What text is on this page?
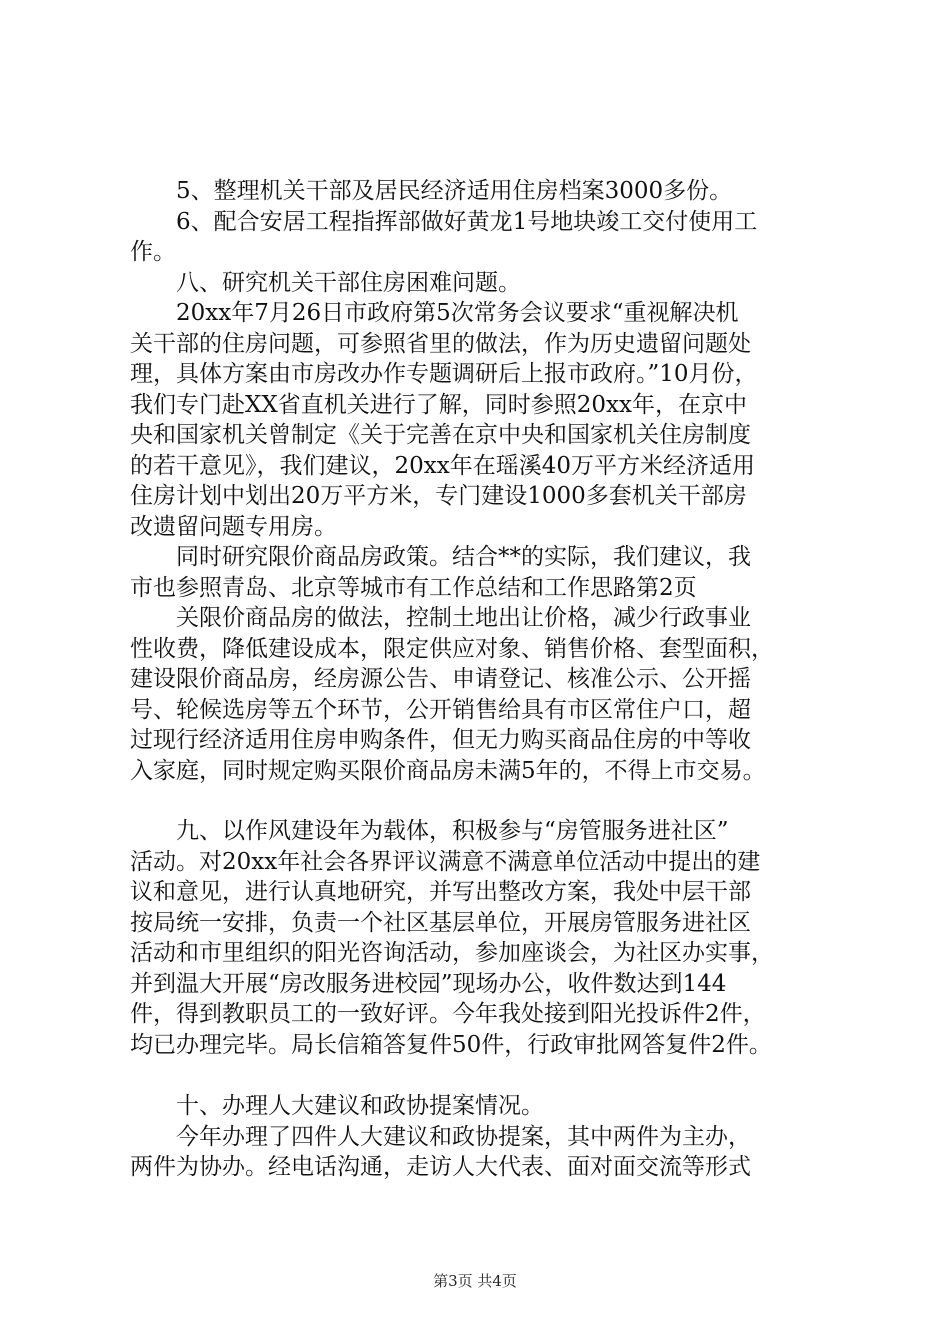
　　5、整理机关干部及居民经济适用住房档案3000多份。
　　6、配合安居工程指挥部做好黄龙1号地块竣工交付使用工
作。
　　八、研究机关干部住房困难问题。
　　20xx年7月26日市政府第5次常务会议要求“重视解决机
关干部的住房问题，可参照省里的做法，作为历史遗留问题处
理，具体方案由市房改办作专题调研后上报市政府。”10月份，
我们专门赴XX省直机关进行了解，同时参照20xx年，在京中
央和国家机关曾制定《关于完善在京中央和国家机关住房制度
的若干意见》，我们建议，20xx年在瑶溪40万平方米经济适用
住房计划中划出20万平方米，专门建设1000多套机关干部房
改遗留问题专用房。
　　同时研究限价商品房政策。结合**的实际，我们建议，我
市也参照青岛、北京等城市有工作总结和工作思路第2页
　　关限价商品房的做法，控制土地出让价格，减少行政事业
性收费，降低建设成本，限定供应对象、销售价格、套型面积，
建设限价商品房，经房源公告、申请登记、核准公示、公开摇
号、轮候选房等五个环节，公开销售给具有市区常住户口，超
过现行经济适用住房申购条件，但无力购买商品住房的中等收
入家庭，同时规定购买限价商品房未满5年的，不得上市交易。
　　九、以作风建设年为载体，积极参与“房管服务进社区”
活动。对20xx年社会各界评议满意不满意单位活动中提出的建
议和意见，进行认真地研究，并写出整改方案，我处中层干部
按局统一安排，负责一个社区基层单位，开展房管服务进社区
活动和市里组织的阳光咨询活动，参加座谈会，为社区办实事，
并到温大开展“房改服务进校园”现场办公，收件数达到144
件，得到教职员工的一致好评。今年我处接到阳光投诉件2件，
均已办理完毕。局长信箱答复件50件，行政审批网答复件2件。
　　十、办理人大建议和政协提案情况。
　　今年办理了四件人大建议和政协提案，其中两件为主办，
两件为协办。经电话沟通，走访人大代表、面对面交流等形式
第3页 共4页
